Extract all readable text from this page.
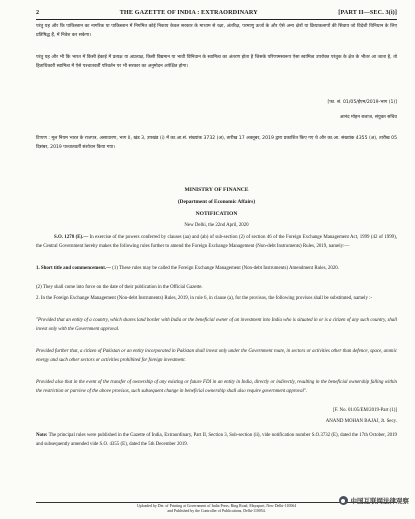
2	THE GAZETTE OF INDIA : EXTRAORDINARY	[PART II—SEC. 3(i)]
परंतु यह और कि पाकिस्तान का नागरिक या पाकिस्तान में निगमित कोई निकाय केवल सरकार के माध्यम से रक्षा, अंतरिक्ष, परमाणु ऊर्जा के और ऐसे अन्य क्षेत्रों या क्रियाकलापों की सिवाय जो विदेशी विनिधान के लिए प्रतिषिद्ध हैं, में निवेश कर सकेगा।
परंतु यह और भी कि भारत में किसी ईकाई में प्रत्यक्ष या अप्रत्यक्ष, किसी विद्यमान या भावी विनिधान के स्वामित्व का अंतरण होता है जिसके परिणामस्वरूप ऐसा स्वामित्व उपरोक्त परंतुक के क्षेत्र के भीतर आ जाता है, तो हिताधिकारी स्वामित्व में ऐसे पश्चातवर्ती परिवर्तन पर भी सरकार का अनुमोदन अपेक्षित होगा।
[फा. सं. 01/05/ईएम/2019-भाग (1)]
आनंद मोहन बजाज, संयुक्त सचिव
टिप्पण : मूल नियम भारत के राजपत्र, असाधारण, भाग II, खंड 3, उपखंड (i) में का.आ.सं. संख्यांक 3732 (अ), तारीख 17 अक्तूबर, 2019 द्वारा प्रकाशित किए गए थे और का.आ. संख्यांक 4355 (अ), तारीख 05 दिसंबर, 2019 पश्चातवर्ती संशोधन किया गया।
MINISTRY OF FINANCE
(Department of Economic Affairs)
NOTIFICATION
New Delhi, the 22nd April, 2020
S.O. 1278 (E).— In exercise of the powers conferred by clauses (aa) and (ab) of sub-section (2) of section 46 of the Foreign Exchange Management Act, 1999 (42 of 1999), the Central Government hereby makes the following rules further to amend the Foreign Exchange Management (Non-debt Instruments) Rules, 2019, namely:—
1. Short title and commencement.— (1) These rules may be called the Foreign Exchange Management (Non-debt Instruments) Amendment Rules, 2020.
(2) They shall come into force on the date of their publication in the Official Gazette.
2. In the Foreign Exchange Management (Non-debt Instruments) Rules, 2019, in rule 6, in clause (a), for the provisos, the following provisos shall be substituted, namely :-
"Provided that an entity of a country, which shares land border with India or the beneficial owner of an investment into India who is situated in or is a citizen of any such country, shall invest only with the Government approval.
Provided further that, a citizen of Pakistan or an entity incorporated in Pakistan shall invest only under the Government route, in sectors or activities other than defence, space, atomic energy and such other sectors or activities prohibited for foreign investment.
Provided also that in the event of the transfer of ownership of any existing or future FDI in an entity in India, directly or indirectly, resulting in the beneficial ownership falling within the restriction or purview of the above provisos, such subsequent change in beneficial ownership shall also require government approval".
[F. No. 01/05/EM/2019-Part (1)]
ANAND MOHAN BAJAJ, Jt. Secy.
Note: The principal rules were published in the Gazette of India, Extraordinary, Part II, Section 3, Sub-section (ii), vide notification number S.O.3732 (E), dated the 17th October, 2019 and subsequently amended vide S.O. 4355 (E), dated the 5th December 2019.
Uploaded by Dte. of Printing at Government of India Press, Ring Road, Mayapuri, New Delhi-110064
and Published by the Controller of Publications, Delhi-110054.
中国互联网法律观察
